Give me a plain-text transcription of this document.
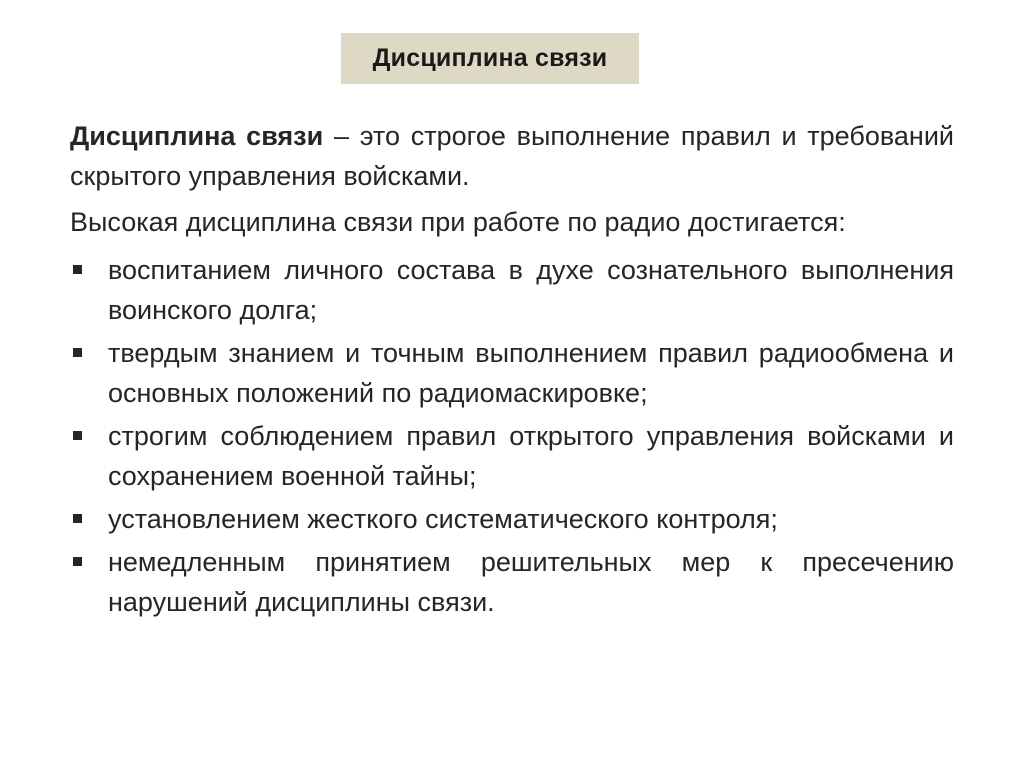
Дисциплина связи

Дисциплина связи – это строгое выполнение правил и требований скрытого управления войсками.

Высокая дисциплина связи при работе по радио достигается:

воспитанием личного состава в духе сознательного выполнения воинского долга;
твердым знанием и точным выполнением правил радиообмена и основных положений по радиомаскировке;
строгим соблюдением правил открытого управления войсками и сохранением военной тайны;
установлением жесткого систематического контроля;
немедленным принятием решительных мер к пресечению нарушений дисциплины связи.
